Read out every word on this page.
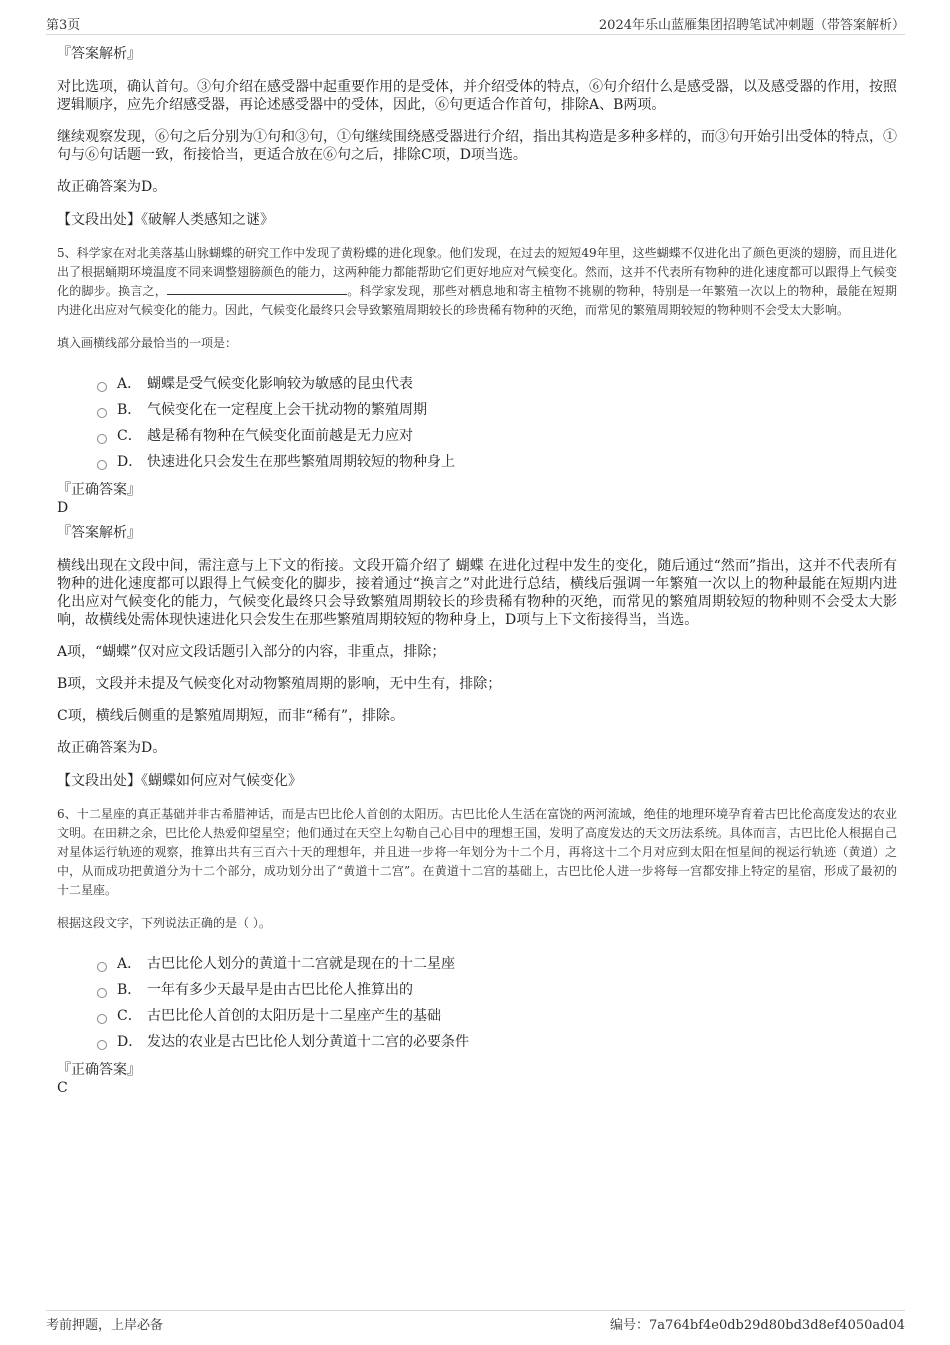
第3页	2024年乐山蓝雁集团招聘笔试冲刺题（带答案解析）

『答案解析』

对比选项，确认首句。③句介绍在感受器中起重要作用的是受体，并介绍受体的特点，⑥句介绍什么是感受器，以及感受器的作用，按照逻辑顺序，应先介绍感受器，再论述感受器中的受体，因此，⑥句更适合作首句，排除A、B两项。

继续观察发现，⑥句之后分别为①句和③句，①句继续围绕感受器进行介绍，指出其构造是多种多样的，而③句开始引出受体的特点，①句与⑥句话题一致，衔接恰当，更适合放在⑥句之后，排除C项，D项当选。

故正确答案为D。

【文段出处】《破解人类感知之谜》

5、科学家在对北美落基山脉蝴蝶的研究工作中发现了黄粉蝶的进化现象。他们发现，在过去的短短49年里，这些蝴蝶不仅进化出了颜色更淡的翅膀，而且进化出了根据蛹期环境温度不同来调整翅膀颜色的能力，这两种能力都能帮助它们更好地应对气候变化。然而，这并不代表所有物种的进化速度都可以跟得上气候变化的脚步。换言之，	。科学家发现，那些对栖息地和寄主植物不挑剔的物种，特别是一年繁殖一次以上的物种，最能在短期内进化出应对气候变化的能力。因此，气候变化最终只会导致繁殖周期较长的珍贵稀有物种的灭绝，而常见的繁殖周期较短的物种则不会受太大影响。

填入画横线部分最恰当的一项是：

A． 蝴蝶是受气候变化影响较为敏感的昆虫代表
B． 气候变化在一定程度上会干扰动物的繁殖周期
C． 越是稀有物种在气候变化面前越是无力应对
D． 快速进化只会发生在那些繁殖周期较短的物种身上

『正确答案』

D

『答案解析』

横线出现在文段中间，需注意与上下文的衔接。文段开篇介绍了 蝴蝶 在进化过程中发生的变化，随后通过“然而”指出，这并不代表所有物种的进化速度都可以跟得上气候变化的脚步，接着通过“换言之”对此进行总结，横线后强调一年繁殖一次以上的物种最能在短期内进化出应对气候变化的能力，气候变化最终只会导致繁殖周期较长的珍贵稀有物种的灭绝，而常见的繁殖周期较短的物种则不会受太大影响，故横线处需体现快速进化只会发生在那些繁殖周期较短的物种身上，D项与上下文衔接得当，当选。

A项，“蝴蝶”仅对应文段话题引入部分的内容，非重点，排除；

B项，文段并未提及气候变化对动物繁殖周期的影响，无中生有，排除；

C项，横线后侧重的是繁殖周期短，而非“稀有”，排除。

故正确答案为D。

【文段出处】《蝴蝶如何应对气候变化》

6、十二星座的真正基础并非古希腊神话，而是古巴比伦人首创的太阳历。古巴比伦人生活在富饶的两河流域，绝佳的地理环境孕育着古巴比伦高度发达的农业文明。在田耕之余，巴比伦人热爱仰望星空；他们通过在天空上勾勒自己心目中的理想王国，发明了高度发达的天文历法系统。具体而言，古巴比伦人根据自己对星体运行轨迹的观察，推算出共有三百六十天的理想年，并且进一步将一年划分为十二个月，再将这十二个月对应到太阳在恒星间的视运行轨迹（黄道）之中，从而成功把黄道分为十二个部分，成功划分出了“黄道十二宫”。在黄道十二宫的基础上，古巴比伦人进一步将每一宫都安排上特定的星宿，形成了最初的十二星座。

根据这段文字，下列说法正确的是（ ）。

A． 古巴比伦人划分的黄道十二宫就是现在的十二星座
B． 一年有多少天最早是由古巴比伦人推算出的
C． 古巴比伦人首创的太阳历是十二星座产生的基础
D． 发达的农业是古巴比伦人划分黄道十二宫的必要条件

『正确答案』

C

考前押题，上岸必备	编号：7a764bf4e0db29d80bd3d8ef4050ad04
